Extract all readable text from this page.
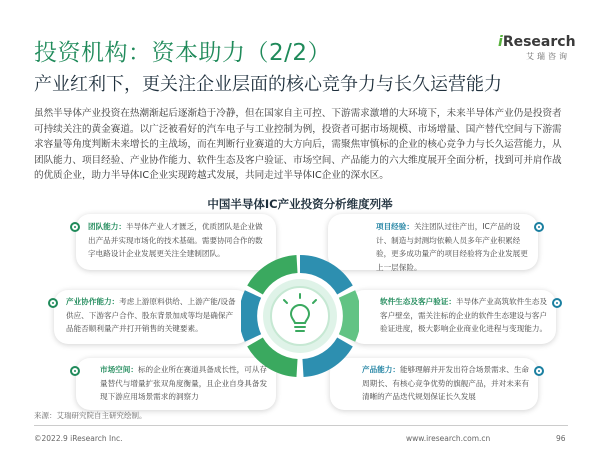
投资机构：资本助力（2/2）
产业红利下，更关注企业层面的核心竞争力与长久运营能力
iResearch
艾瑞咨询
虽然半导体产业投资在热潮渐起后逐渐趋于冷静，但在国家自主可控、下游需求激增的大环境下，未来半导体产业仍是投资者可持续关注的黄金赛道。以广泛被看好的汽车电子与工业控制为例，投资者可据市场规模、市场增量、国产替代空间与下游需求容量等角度判断未来增长的主战场，而在判断行业赛道的大方向后，需聚焦审慎标的企业的核心竞争力与长久运营能力，从团队能力、项目经验、产业协作能力、软件生态及客户验证、市场空间、产品能力的六大维度展开全面分析，找到可并肩作战的优质企业，助力半导体IC企业实现跨越式发展，共同走过半导体IC企业的深水区。
中国半导体IC产业投资分析维度列举
团队能力：半导体产业人才匮乏，优质团队是企业做出产品并实现市场化的技术基础。需要协同合作的数字电路设计企业发展更关注全建制团队。
项目经验：关注团队过往产出，IC产品的设计、制造与封测均依赖人员多年产业积累经验，更多成功量产的项目经验将为企业发展更上一层保险。
产业协作能力：考虑上游原料供给、上游产能/设备供应、下游客户合作、股东背景加成等均是确保产品能否顺利量产并打开销售的关键要素。
软件生态及客户验证：半导体产业高筑软件生态及客户壁垒，需关注标的企业的软件生态建设与客户验证进度，极大影响企业商业化进程与变现能力。
市场空间：标的企业所在赛道具备成长性，可从存量替代与增量扩张双角度衡量，且企业自身具备发现下游应用场景需求的洞察力
产品能力：能够理解并开发出符合场景需求、生命周期长、有核心竞争优势的旗舰产品，并对未来有清晰的产品迭代规划保证长久发展
来源：艾瑞研究院自主研究绘制。
©2022.9 iResearch Inc.	www.iresearch.com.cn	96
